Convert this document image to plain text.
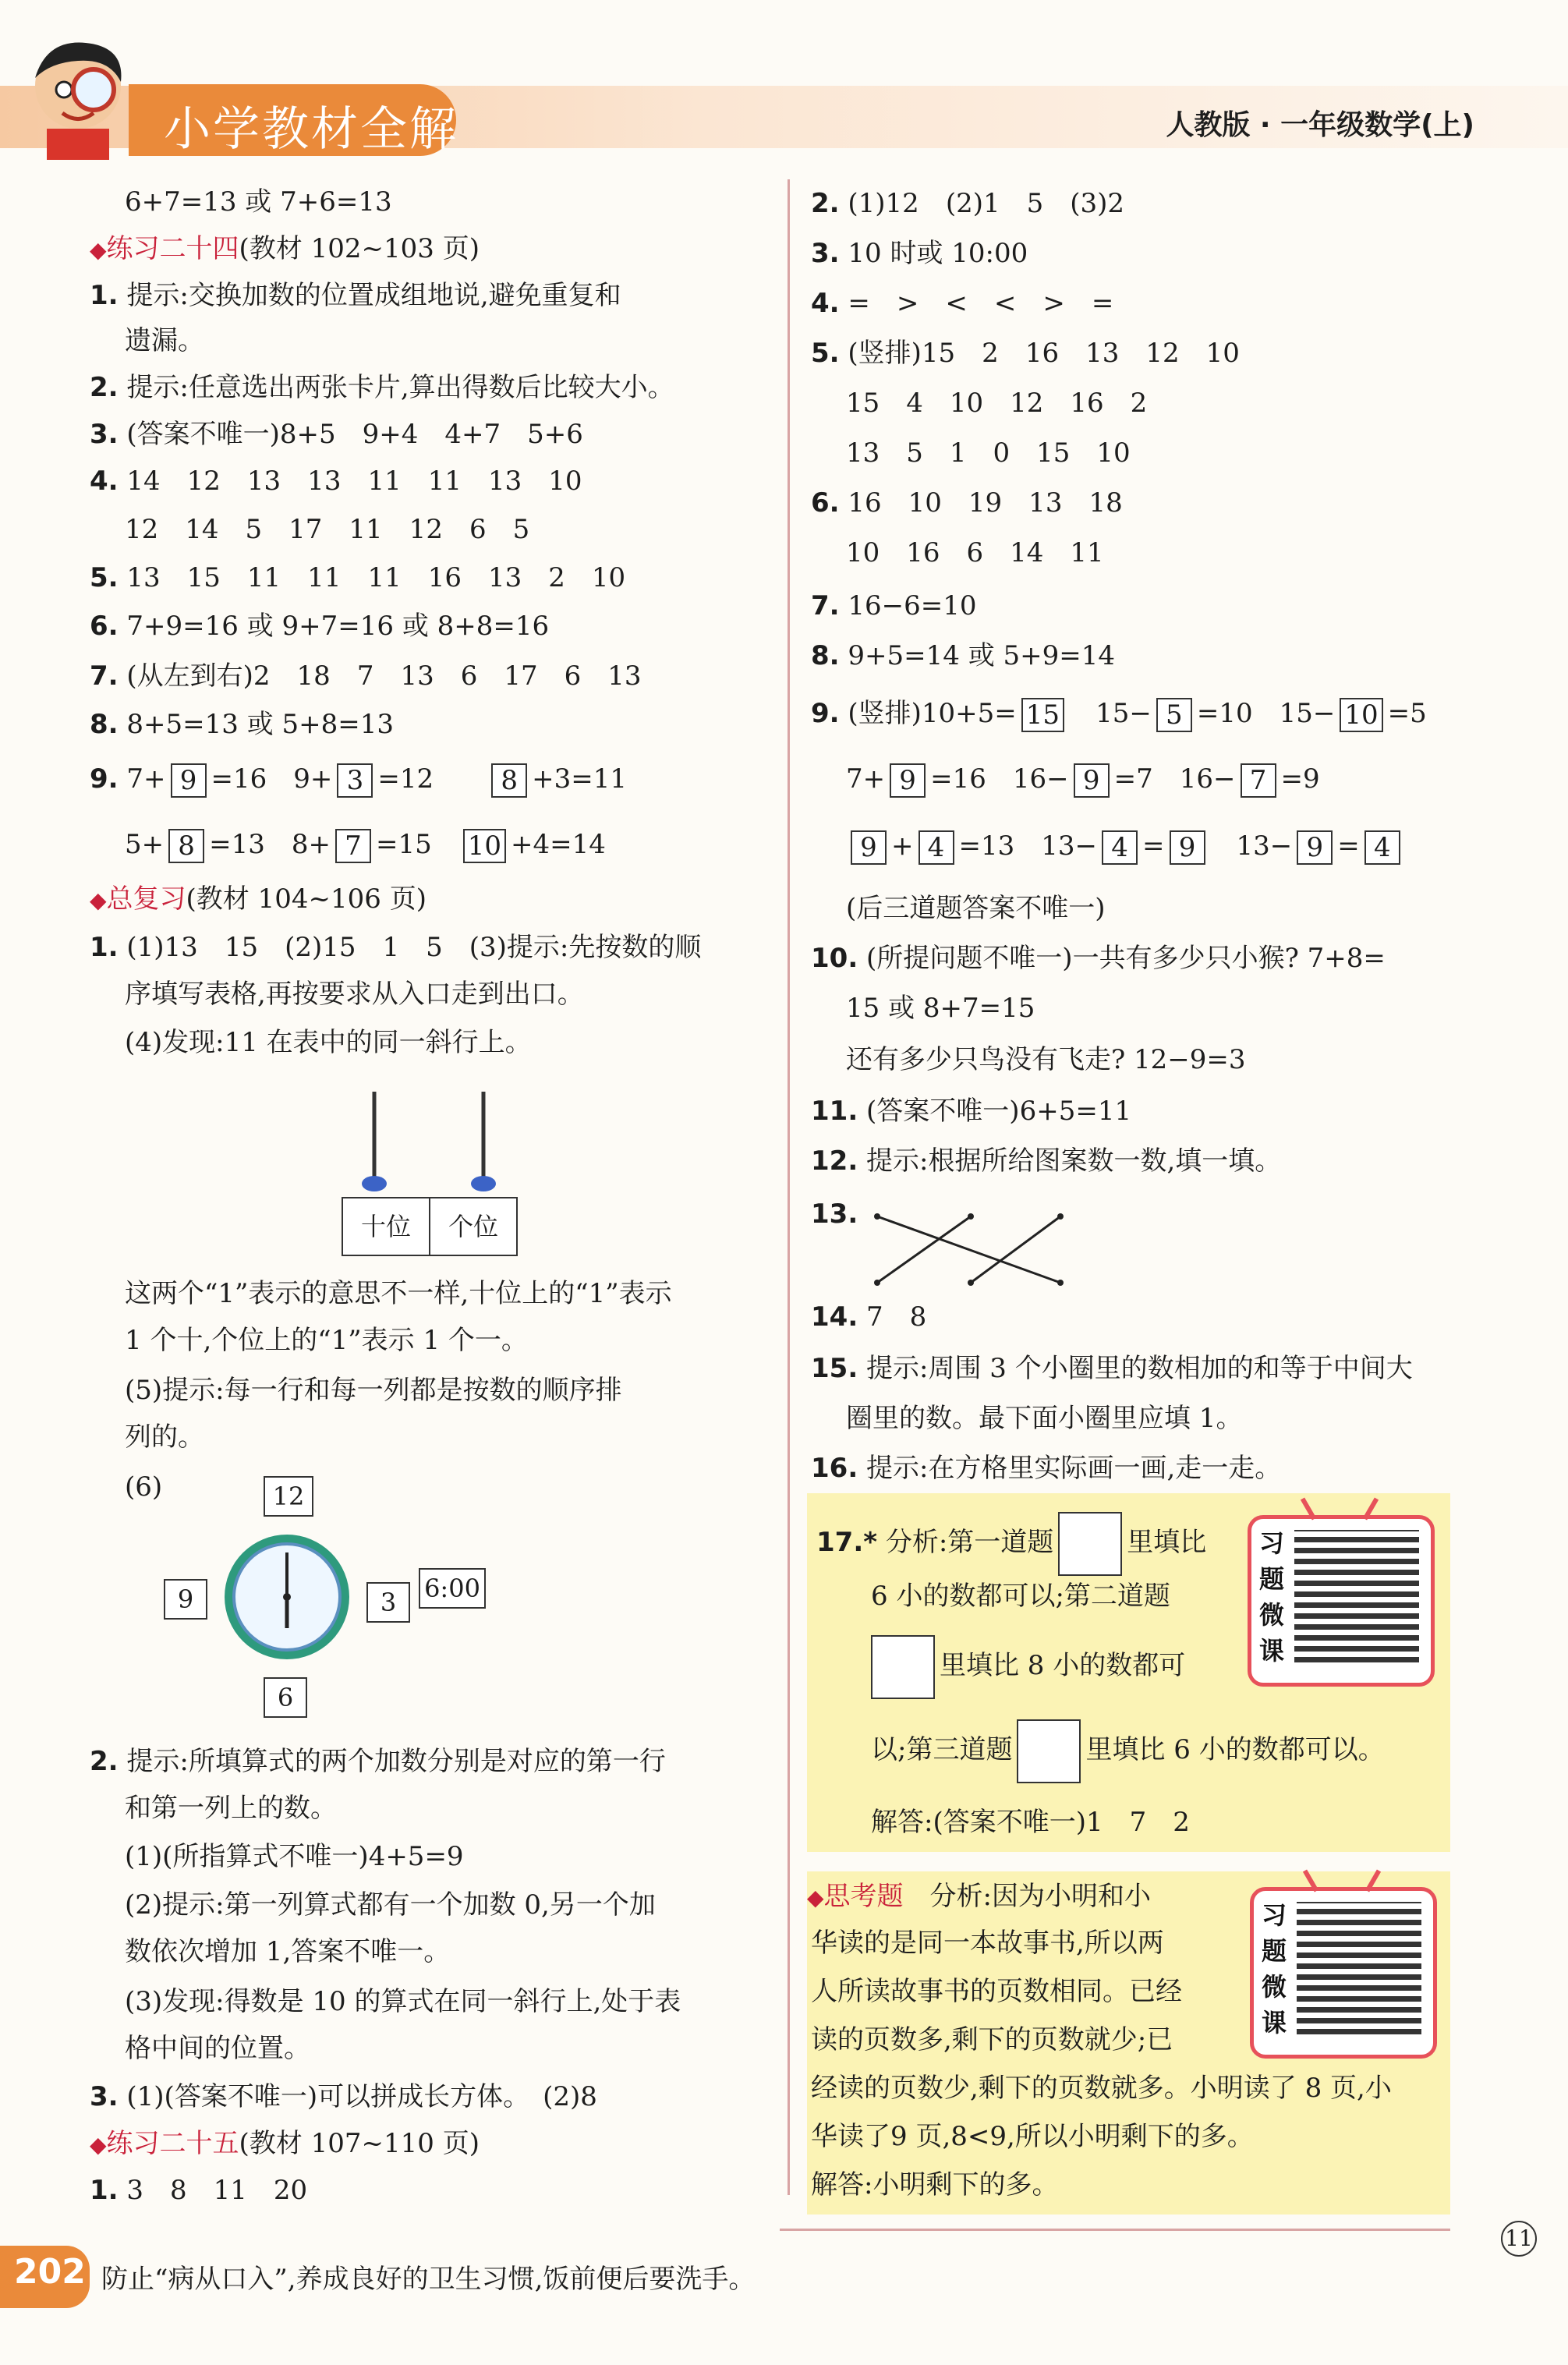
小学教材全解	人教版 · 一年级数学(上)
6+7=13 或 7+6=13
◆练习二十四(教材 102~103 页)
1. 提示:交换加数的位置成组地说,避免重复和
遗漏。
2. 提示:任意选出两张卡片,算出得数后比较大小。
3. (答案不唯一)8+5　9+4　4+7　5+6
4. 14　12　13　13　11　11　13　10
12　14　5　17　11　12　6　5
5. 13　15　11　11　11　16　13　2　10
6. 7+9=16 或 9+7=16 或 8+8=16
7. (从左到右)2　18　7　13　6　17　6　13
8. 8+5=13 或 5+8=13
9. 7+ 9 =16　9+ 3 =12　　	8 +3=11
5+ 8 =13　8+ 7 =15　 10 +4=14
◆总复习(教材 104~106 页)
1. (1)13　15　(2)15　1　5　(3)提示:先按数的顺
序填写表格,再按要求从入口走到出口。
(4)发现:11 在表中的同一斜行上。
十位	个位
这两个“1”表示的意思不一样,十位上的“1”表示
1 个十,个位上的“1”表示 1 个一。
(5)提示:每一行和每一列都是按数的顺序排
列的。
(6)	12
9	3	6:00
6
2. 提示:所填算式的两个加数分别是对应的第一行
和第一列上的数。
(1)(所指算式不唯一)4+5=9
(2)提示:第一列算式都有一个加数 0,另一个加
数依次增加 1,答案不唯一。
(3)发现:得数是 10 的算式在同一斜行上,处于表
格中间的位置。
3. (1)(答案不唯一)可以拼成长方体。　(2)8
◆练习二十五(教材 107~110 页)
1. 3　8　11　20
2. (1)12　(2)1　5　(3)2
3. 10 时或 10:00
4. =　>　<　<　>　=
5. (竖排)15　2　16　13　12　10
15　4　10　12　16　2
13　5　1　0　15　10
6. 16　10　19　13　18
10　16　6　14　11
7. 16−6=10
8. 9+5=14 或 5+9=14
9. (竖排)10+5= 15　 15− 5 =10　15− 10 =5
7+ 9 =16　16− 9 =7　16− 7 =9
9 + 4 =13　13− 4 = 9　 13− 9 = 4
(后三道题答案不唯一)
10. (所提问题不唯一)一共有多少只小猴? 7+8=
15 或 8+7=15
还有多少只鸟没有飞走? 12−9=3
11. (答案不唯一)6+5=11
12. 提示:根据所给图案数一数,填一填。
13.
14. 7　8
15. 提示:周围 3 个小圈里的数相加的和等于中间大
圈里的数。最下面小圈里应填 1。
16. 提示:在方格里实际画一画,走一走。
17.* 分析:第一道题	里填比
6 小的数都可以;第二道题
里填比 8 小的数都可
以;第三道题	里填比 6 小的数都可以。
解答:(答案不唯一)1　7　2
习题微课
◆思考题　 分析:因为小明和小
华读的是同一本故事书,所以两
人所读故事书的页数相同。已经
读的页数多,剩下的页数就少;已
经读的页数少,剩下的页数就多。小明读了 8 页,小
华读了9 页,8<9,所以小明剩下的多。
解答:小明剩下的多。
习题微课
11
202 防止“病从口入”,养成良好的卫生习惯,饭前便后要洗手。
